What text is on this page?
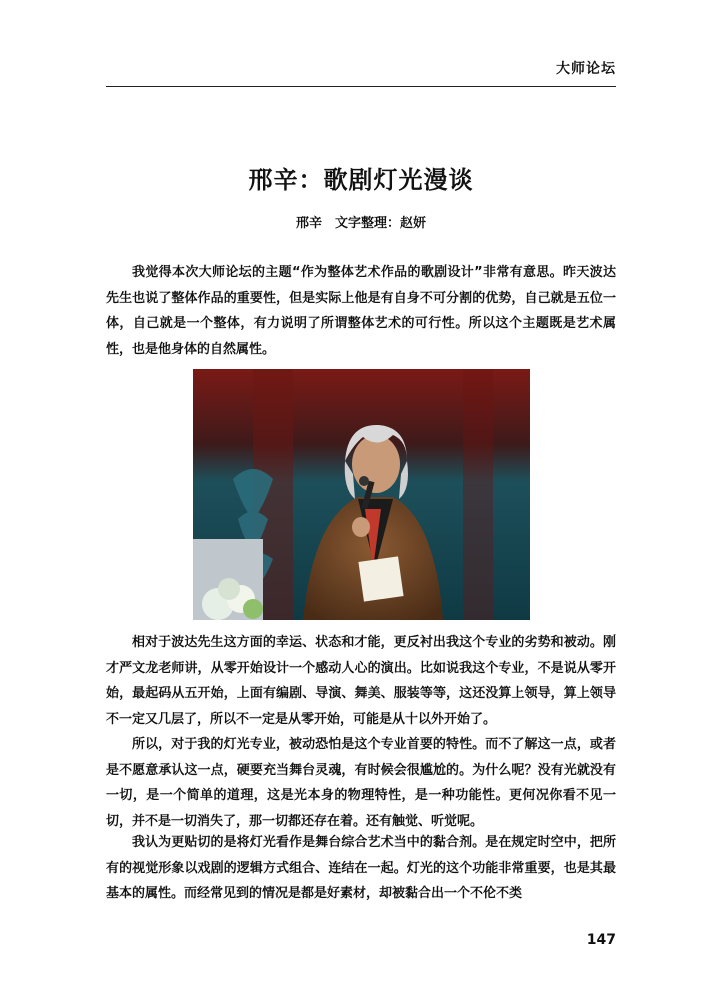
大师论坛
邢辛：歌剧灯光漫谈
邢辛　文字整理：赵妍

我觉得本次大师论坛的主题“作为整体艺术作品的歌剧设计”非常有意思。昨天波达先生也说了整体作品的重要性，但是实际上他是有自身不可分割的优势，自己就是五位一体，自己就是一个整体，有力说明了所谓整体艺术的可行性。所以这个主题既是艺术属性，也是他身体的自然属性。

相对于波达先生这方面的幸运、状态和才能，更反衬出我这个专业的劣势和被动。刚才严文龙老师讲，从零开始设计一个感动人心的演出。比如说我这个专业，不是说从零开始，最起码从五开始，上面有编剧、导演、舞美、服装等等，这还没算上领导，算上领导不一定又几层了，所以不一定是从零开始，可能是从十以外开始了。

所以，对于我的灯光专业，被动恐怕是这个专业首要的特性。而不了解这一点，或者是不愿意承认这一点，硬要充当舞台灵魂，有时候会很尴尬的。为什么呢？没有光就没有一切，是一个简单的道理，这是光本身的物理特性，是一种功能性。更何况你看不见一切，并不是一切消失了，那一切都还存在着。还有触觉、听觉呢。

我认为更贴切的是将灯光看作是舞台综合艺术当中的黏合剂。是在规定时空中，把所有的视觉形象以戏剧的逻辑方式组合、连结在一起。灯光的这个功能非常重要，也是其最基本的属性。而经常见到的情况是都是好素材，却被黏合出一个不伦不类

147
